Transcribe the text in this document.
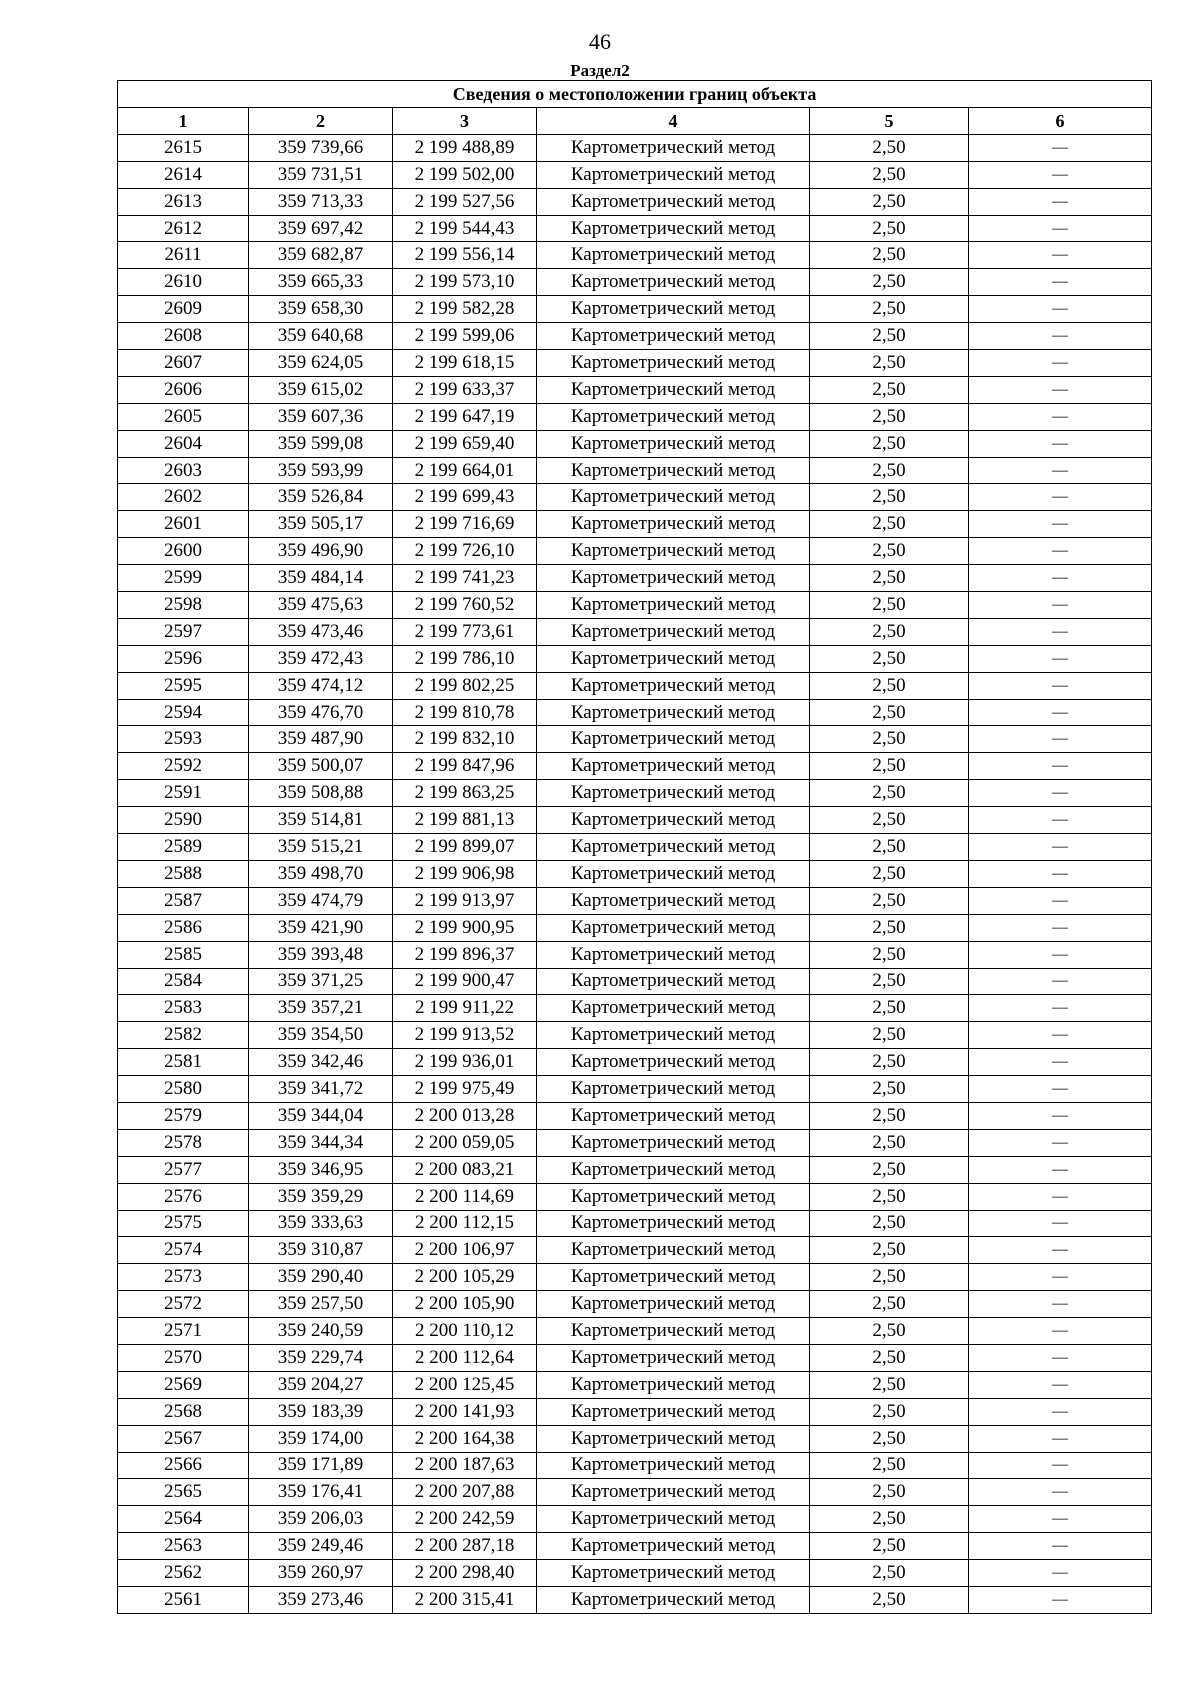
46
Раздел2
Сведения о местоположении границ объекта					
1	2	3	4	5	6
2615	359 739,66	2 199 488,89	Картометрический метод	2,50	—
2614	359 731,51	2 199 502,00	Картометрический метод	2,50	—
2613	359 713,33	2 199 527,56	Картометрический метод	2,50	—
2612	359 697,42	2 199 544,43	Картометрический метод	2,50	—
2611	359 682,87	2 199 556,14	Картометрический метод	2,50	—
2610	359 665,33	2 199 573,10	Картометрический метод	2,50	—
2609	359 658,30	2 199 582,28	Картометрический метод	2,50	—
2608	359 640,68	2 199 599,06	Картометрический метод	2,50	—
2607	359 624,05	2 199 618,15	Картометрический метод	2,50	—
2606	359 615,02	2 199 633,37	Картометрический метод	2,50	—
2605	359 607,36	2 199 647,19	Картометрический метод	2,50	—
2604	359 599,08	2 199 659,40	Картометрический метод	2,50	—
2603	359 593,99	2 199 664,01	Картометрический метод	2,50	—
2602	359 526,84	2 199 699,43	Картометрический метод	2,50	—
2601	359 505,17	2 199 716,69	Картометрический метод	2,50	—
2600	359 496,90	2 199 726,10	Картометрический метод	2,50	—
2599	359 484,14	2 199 741,23	Картометрический метод	2,50	—
2598	359 475,63	2 199 760,52	Картометрический метод	2,50	—
2597	359 473,46	2 199 773,61	Картометрический метод	2,50	—
2596	359 472,43	2 199 786,10	Картометрический метод	2,50	—
2595	359 474,12	2 199 802,25	Картометрический метод	2,50	—
2594	359 476,70	2 199 810,78	Картометрический метод	2,50	—
2593	359 487,90	2 199 832,10	Картометрический метод	2,50	—
2592	359 500,07	2 199 847,96	Картометрический метод	2,50	—
2591	359 508,88	2 199 863,25	Картометрический метод	2,50	—
2590	359 514,81	2 199 881,13	Картометрический метод	2,50	—
2589	359 515,21	2 199 899,07	Картометрический метод	2,50	—
2588	359 498,70	2 199 906,98	Картометрический метод	2,50	—
2587	359 474,79	2 199 913,97	Картометрический метод	2,50	—
2586	359 421,90	2 199 900,95	Картометрический метод	2,50	—
2585	359 393,48	2 199 896,37	Картометрический метод	2,50	—
2584	359 371,25	2 199 900,47	Картометрический метод	2,50	—
2583	359 357,21	2 199 911,22	Картометрический метод	2,50	—
2582	359 354,50	2 199 913,52	Картометрический метод	2,50	—
2581	359 342,46	2 199 936,01	Картометрический метод	2,50	—
2580	359 341,72	2 199 975,49	Картометрический метод	2,50	—
2579	359 344,04	2 200 013,28	Картометрический метод	2,50	—
2578	359 344,34	2 200 059,05	Картометрический метод	2,50	—
2577	359 346,95	2 200 083,21	Картометрический метод	2,50	—
2576	359 359,29	2 200 114,69	Картометрический метод	2,50	—
2575	359 333,63	2 200 112,15	Картометрический метод	2,50	—
2574	359 310,87	2 200 106,97	Картометрический метод	2,50	—
2573	359 290,40	2 200 105,29	Картометрический метод	2,50	—
2572	359 257,50	2 200 105,90	Картометрический метод	2,50	—
2571	359 240,59	2 200 110,12	Картометрический метод	2,50	—
2570	359 229,74	2 200 112,64	Картометрический метод	2,50	—
2569	359 204,27	2 200 125,45	Картометрический метод	2,50	—
2568	359 183,39	2 200 141,93	Картометрический метод	2,50	—
2567	359 174,00	2 200 164,38	Картометрический метод	2,50	—
2566	359 171,89	2 200 187,63	Картометрический метод	2,50	—
2565	359 176,41	2 200 207,88	Картометрический метод	2,50	—
2564	359 206,03	2 200 242,59	Картометрический метод	2,50	—
2563	359 249,46	2 200 287,18	Картометрический метод	2,50	—
2562	359 260,97	2 200 298,40	Картометрический метод	2,50	—
2561	359 273,46	2 200 315,41	Картометрический метод	2,50	—
